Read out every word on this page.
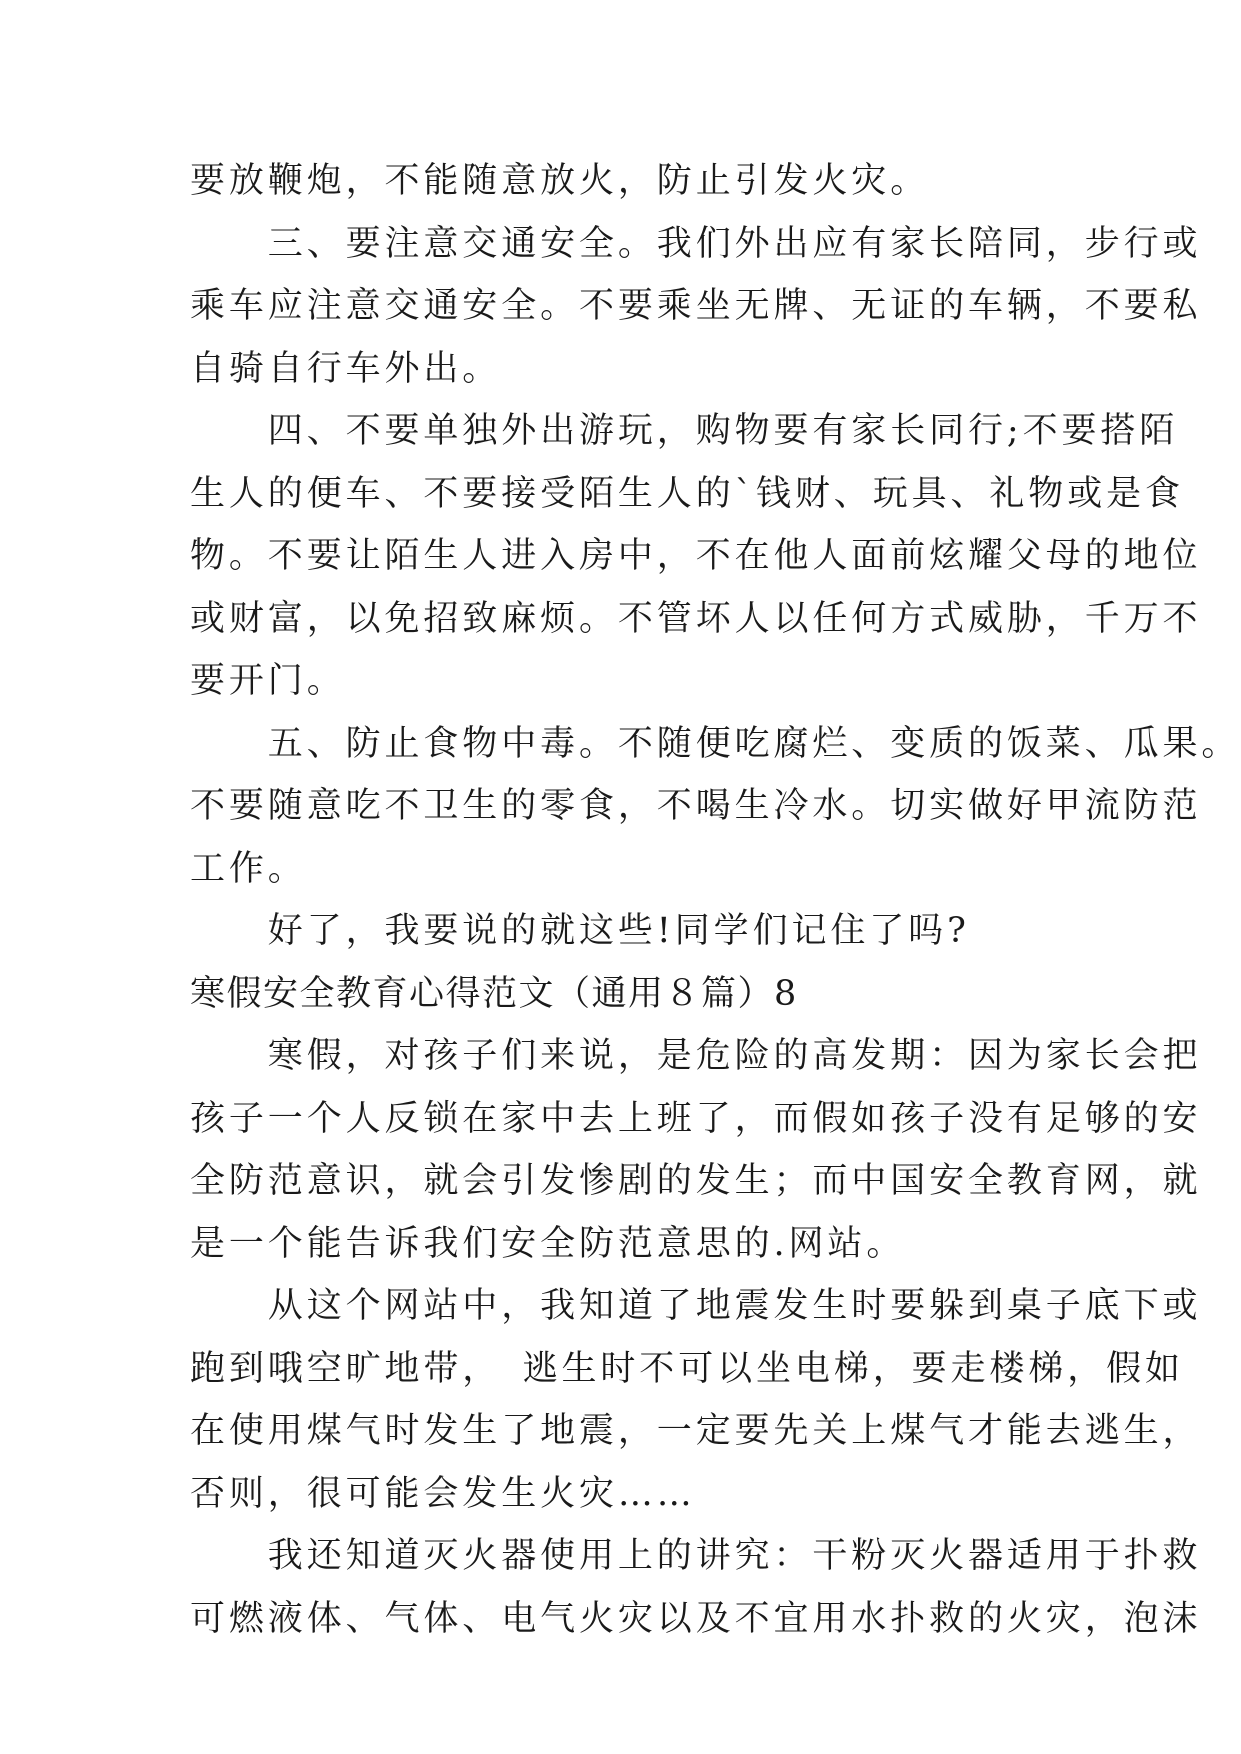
要放鞭炮，不能随意放火，防止引发火灾。
　　三、要注意交通安全。我们外出应有家长陪同，步行或
乘车应注意交通安全。不要乘坐无牌、无证的车辆，不要私
自骑自行车外出。
　　四、不要单独外出游玩，购物要有家长同行;不要搭陌
生人的便车、不要接受陌生人的`钱财、玩具、礼物或是食
物。不要让陌生人进入房中，不在他人面前炫耀父母的地位
或财富，以免招致麻烦。不管坏人以任何方式威胁，千万不
要开门。
　　五、防止食物中毒。不随便吃腐烂、变质的饭菜、瓜果。
不要随意吃不卫生的零食，不喝生冷水。切实做好甲流防范
工作。
　　好了，我要说的就这些!同学们记住了吗?
寒假安全教育心得范文（通用８篇）8
　　寒假，对孩子们来说，是危险的高发期：因为家长会把
孩子一个人反锁在家中去上班了，而假如孩子没有足够的安
全防范意识，就会引发惨剧的发生；而中国安全教育网，就
是一个能告诉我们安全防范意思的.网站。
　　从这个网站中，我知道了地震发生时要躲到桌子底下或
跑到哦空旷地带，　逃生时不可以坐电梯，要走楼梯，假如
在使用煤气时发生了地震，一定要先关上煤气才能去逃生，
否则，很可能会发生火灾……
　　我还知道灭火器使用上的讲究：干粉灭火器适用于扑救
可燃液体、气体、电气火灾以及不宜用水扑救的火灾，泡沫
